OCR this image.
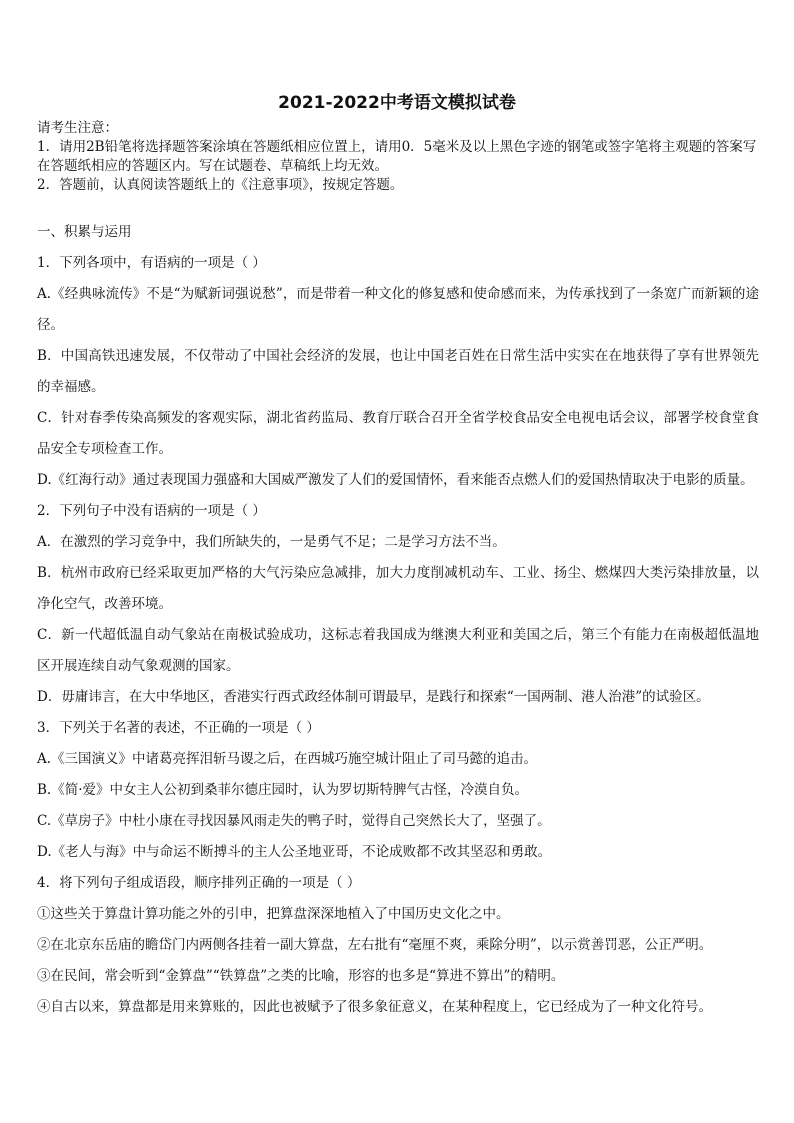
2021-2022中考语文模拟试卷

请考生注意：

1．请用2B铅笔将选择题答案涂填在答题纸相应位置上，请用0．5毫米及以上黑色字迹的钢笔或签字笔将主观题的答案写在答题纸相应的答题区内。写在试题卷、草稿纸上均无效。

2．答题前，认真阅读答题纸上的《注意事项》，按规定答题。

一、积累与运用

1．下列各项中，有语病的一项是（ ）

A.《经典咏流传》不是“为赋新词强说愁”，而是带着一种文化的修复感和使命感而来，为传承找到了一条宽广而新颖的途径。

B．中国高铁迅速发展，不仅带动了中国社会经济的发展，也让中国老百姓在日常生活中实实在在地获得了享有世界领先的幸福感。

C．针对春季传染高频发的客观实际，湖北省药监局、教育厅联合召开全省学校食品安全电视电话会议，部署学校食堂食品安全专项检查工作。

D.《红海行动》通过表现国力强盛和大国威严激发了人们的爱国情怀，看来能否点燃人们的爱国热情取决于电影的质量。

2．下列句子中没有语病的一项是（ ）

A．在激烈的学习竞争中，我们所缺失的，一是勇气不足；二是学习方法不当。

B．杭州市政府已经采取更加严格的大气污染应急减排，加大力度削减机动车、工业、扬尘、燃煤四大类污染排放量，以净化空气，改善环境。

C．新一代超低温自动气象站在南极试验成功，这标志着我国成为继澳大利亚和美国之后，第三个有能力在南极超低温地区开展连续自动气象观测的国家。

D．毋庸讳言，在大中华地区，香港实行西式政经体制可谓最早，是践行和探索“一国两制、港人治港”的试验区。

3．下列关于名著的表述，不正确的一项是（ ）

A.《三国演义》中诸葛亮挥泪斩马谡之后，在西城巧施空城计阻止了司马懿的追击。

B.《简·爱》中女主人公初到桑菲尔德庄园时，认为罗切斯特脾气古怪，冷漠自负。

C.《草房子》中杜小康在寻找因暴风雨走失的鸭子时，觉得自己突然长大了，坚强了。

D.《老人与海》中与命运不断搏斗的主人公圣地亚哥，不论成败都不改其坚忍和勇敢。

4．将下列句子组成语段，顺序排列正确的一项是（ ）

①这些关于算盘计算功能之外的引申，把算盘深深地植入了中国历史文化之中。

②在北京东岳庙的瞻岱门内两侧各挂着一副大算盘，左右批有“毫厘不爽，乘除分明”，以示赏善罚恶，公正严明。

③在民间，常会听到“金算盘”“铁算盘”之类的比喻，形容的也多是“算进不算出”的精明。

④自古以来，算盘都是用来算账的，因此也被赋予了很多象征意义，在某种程度上，它已经成为了一种文化符号。
